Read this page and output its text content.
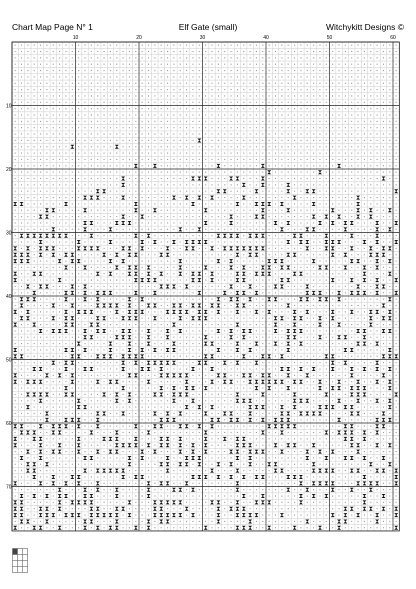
Chart Map Page N° 1	Elf Gate (small)	Witchykitt Designs ©
10	20	30	40	50	60
10
20
30
40
50
60
70
